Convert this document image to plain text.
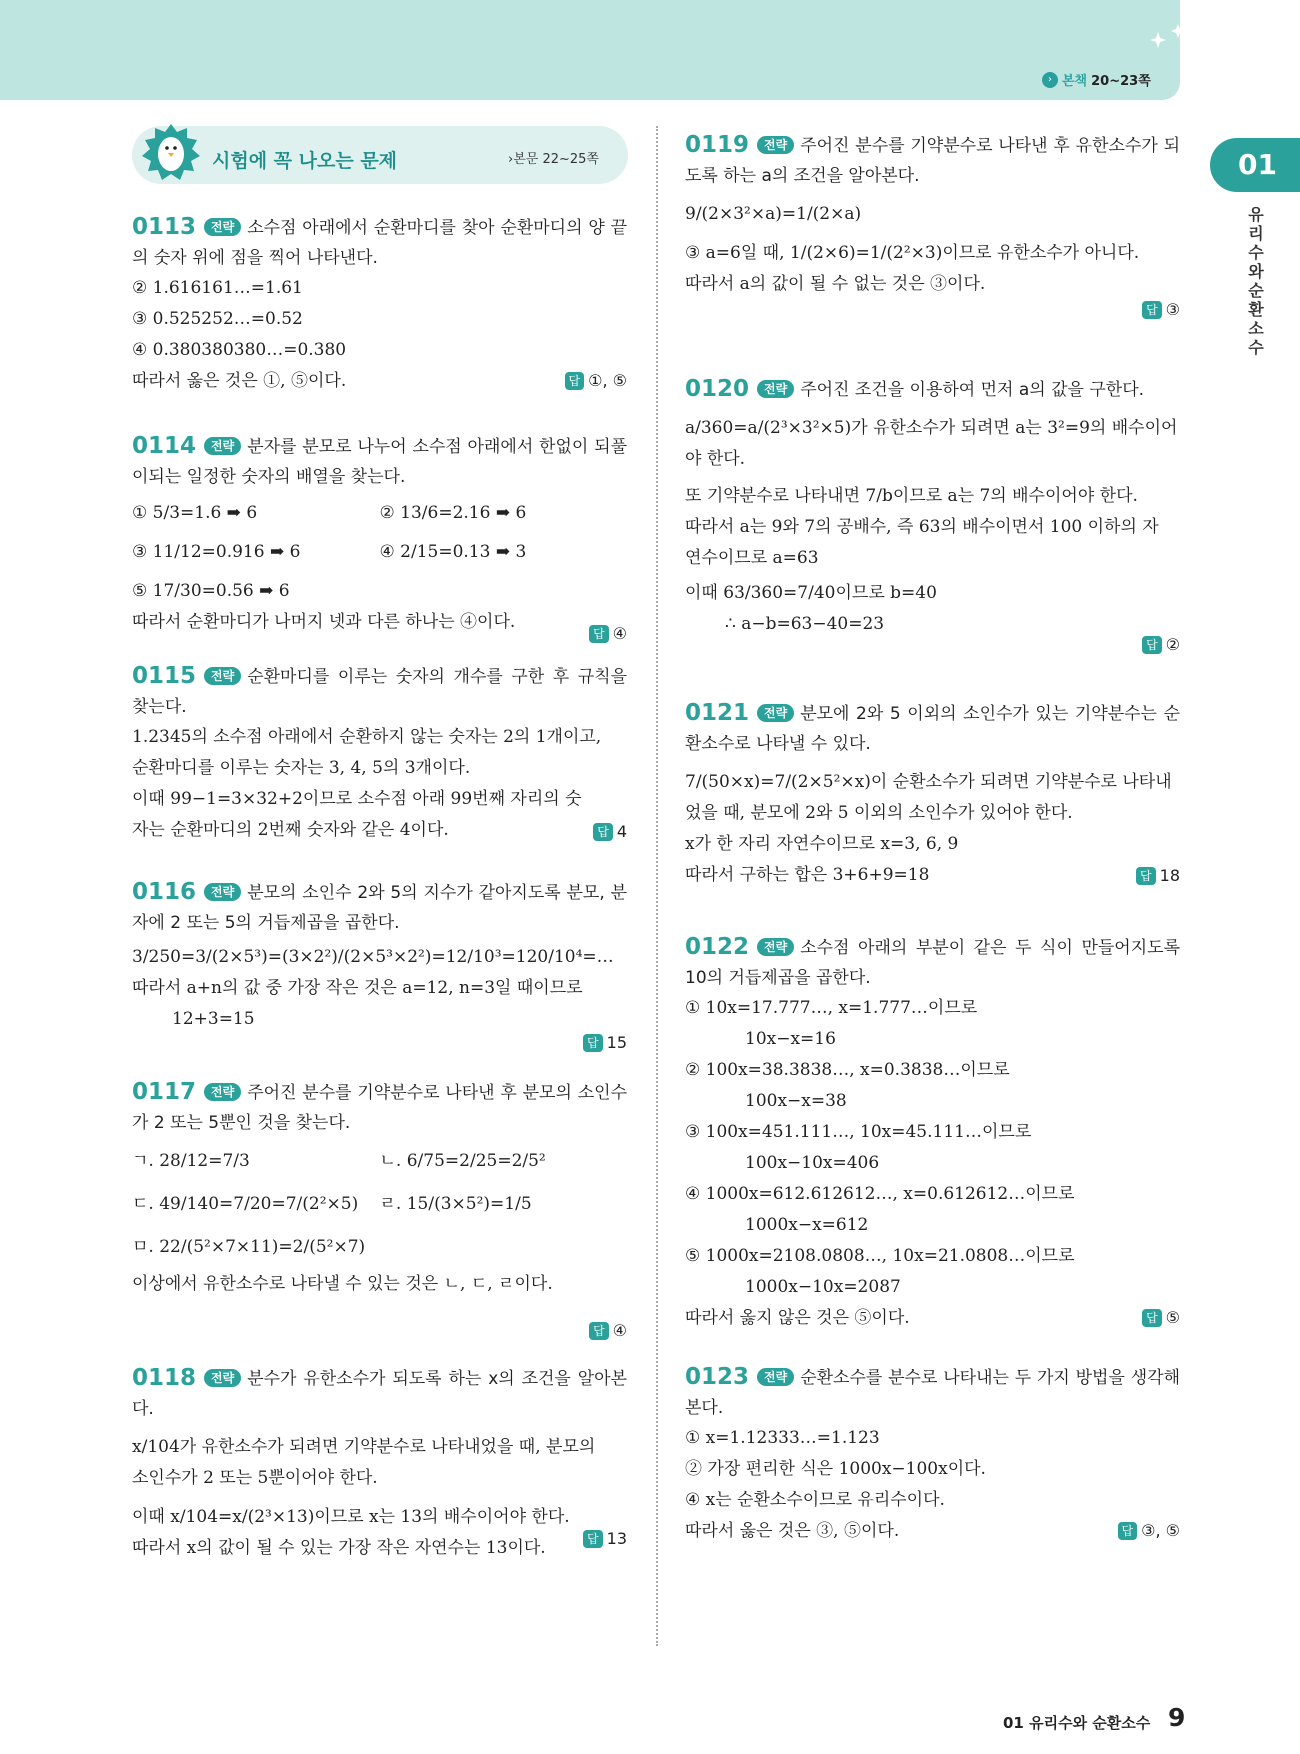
› 본책 20~23쪽
01
유
리
수
와
순
환
소
수
시험에 꼭 나오는 문제	›본문 22~25쪽
0113 전략 소수점 아래에서 순환마디를 찾아 순환마디의 양 끝의 숫자 위에 점을 찍어 나타낸다.
② 1.616161…=1.61
③ 0.525252…=0.52
④ 0.380380380…=0.380
따라서 옳은 것은 ①, ⑤이다.	답 ①, ⑤
0114 전략 분자를 분모로 나누어 소수점 아래에서 한없이 되풀이되는 일정한 숫자의 배열을 찾는다.
① 5/3=1.6 ➡ 6	② 13/6=2.16 ➡ 6
③ 11/12=0.916 ➡ 6	④ 2/15=0.13 ➡ 3
⑤ 17/30=0.56 ➡ 6
따라서 순환마디가 나머지 넷과 다른 하나는 ④이다.
답 ④
0115 전략 순환마디를 이루는 숫자의 개수를 구한 후 규칙을 찾는다.
1.2345의 소수점 아래에서 순환하지 않는 숫자는 2의 1개이고,
순환마디를 이루는 숫자는 3, 4, 5의 3개이다.
이때 99−1=3×32+2이므로 소수점 아래 99번째 자리의 숫
자는 순환마디의 2번째 숫자와 같은 4이다.	답 4
0116 전략 분모의 소인수 2와 5의 지수가 같아지도록 분모, 분자에 2 또는 5의 거듭제곱을 곱한다.
3/250=3/(2×5³)=(3×2²)/(2×5³×2²)=12/10³=120/10⁴=…
따라서 a+n의 값 중 가장 작은 것은 a=12, n=3일 때이므로
12+3=15
답 15
0117 전략 주어진 분수를 기약분수로 나타낸 후 분모의 소인수가 2 또는 5뿐인 것을 찾는다.
ㄱ. 28/12=7/3	ㄴ. 6/75=2/25=2/5²
ㄷ. 49/140=7/20=7/(2²×5)	ㄹ. 15/(3×5²)=1/5
ㅁ. 22/(5²×7×11)=2/(5²×7)
이상에서 유한소수로 나타낼 수 있는 것은 ㄴ, ㄷ, ㄹ이다.
답 ④
0118 전략 분수가 유한소수가 되도록 하는 x의 조건을 알아본다.
x/104가 유한소수가 되려면 기약분수로 나타내었을 때, 분모의
소인수가 2 또는 5뿐이어야 한다.
이때 x/104=x/(2³×13)이므로 x는 13의 배수이어야 한다.
따라서 x의 값이 될 수 있는 가장 작은 자연수는 13이다.	답 13
0119 전략 주어진 분수를 기약분수로 나타낸 후 유한소수가 되도록 하는 a의 조건을 알아본다.
9/(2×3²×a)=1/(2×a)
③ a=6일 때, 1/(2×6)=1/(2²×3)이므로 유한소수가 아니다.
따라서 a의 값이 될 수 없는 것은 ③이다.
답 ③
0120 전략 주어진 조건을 이용하여 먼저 a의 값을 구한다.
a/360=a/(2³×3²×5)가 유한소수가 되려면 a는 3²=9의 배수이어
야 한다.
또 기약분수로 나타내면 7/b이므로 a는 7의 배수이어야 한다.
따라서 a는 9와 7의 공배수, 즉 63의 배수이면서 100 이하의 자
연수이므로 a=63
이때 63/360=7/40이므로 b=40
∴ a−b=63−40=23
답 ②
0121 전략 분모에 2와 5 이외의 소인수가 있는 기약분수는 순환소수로 나타낼 수 있다.
7/(50×x)=7/(2×5²×x)이 순환소수가 되려면 기약분수로 나타내
었을 때, 분모에 2와 5 이외의 소인수가 있어야 한다.
x가 한 자리 자연수이므로 x=3, 6, 9
따라서 구하는 합은 3+6+9=18	답 18
0122 전략 소수점 아래의 부분이 같은 두 식이 만들어지도록 10의 거듭제곱을 곱한다.
① 10x=17.777…, x=1.777…이므로
10x−x=16
② 100x=38.3838…, x=0.3838…이므로
100x−x=38
③ 100x=451.111…, 10x=45.111…이므로
100x−10x=406
④ 1000x=612.612612…, x=0.612612…이므로
1000x−x=612
⑤ 1000x=2108.0808…, 10x=21.0808…이므로
1000x−10x=2087
따라서 옳지 않은 것은 ⑤이다.	답 ⑤
0123 전략 순환소수를 분수로 나타내는 두 가지 방법을 생각해 본다.
① x=1.12333…=1.123
② 가장 편리한 식은 1000x−100x이다.
④ x는 순환소수이므로 유리수이다.
따라서 옳은 것은 ③, ⑤이다.	답 ③, ⑤
01 유리수와 순환소수 9
